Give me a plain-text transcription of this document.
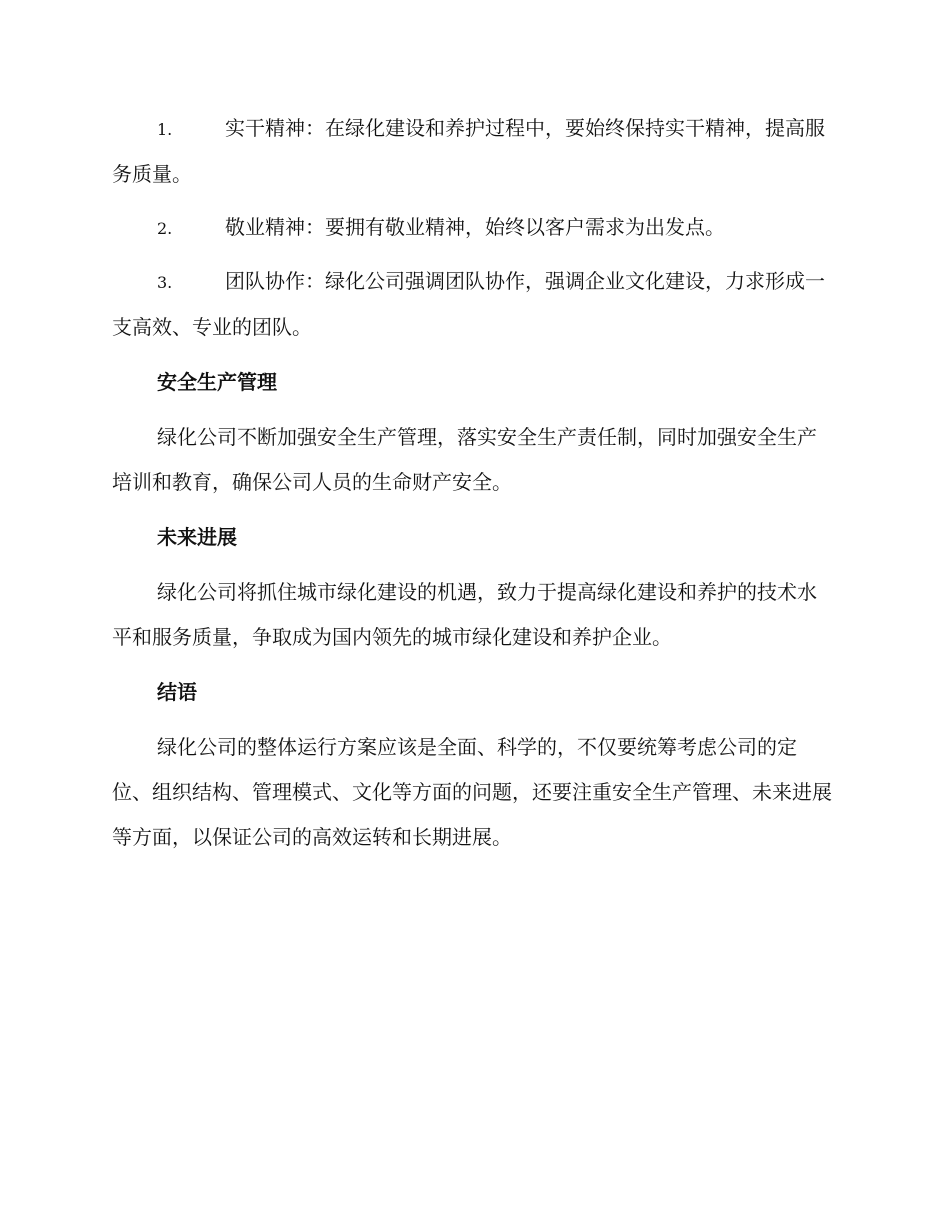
1.	实干精神：在绿化建设和养护过程中，要始终保持实干精神，提高服务质量。
2.	敬业精神：要拥有敬业精神，始终以客户需求为出发点。
3.	团队协作：绿化公司强调团队协作，强调企业文化建设，力求形成一支高效、专业的团队。
安全生产管理
绿化公司不断加强安全生产管理，落实安全生产责任制，同时加强安全生产培训和教育，确保公司人员的生命财产安全。
未来进展
绿化公司将抓住城市绿化建设的机遇，致力于提高绿化建设和养护的技术水平和服务质量，争取成为国内领先的城市绿化建设和养护企业。
结语
绿化公司的整体运行方案应该是全面、科学的，不仅要统筹考虑公司的定位、组织结构、管理模式、文化等方面的问题，还要注重安全生产管理、未来进展等方面，以保证公司的高效运转和长期进展。
